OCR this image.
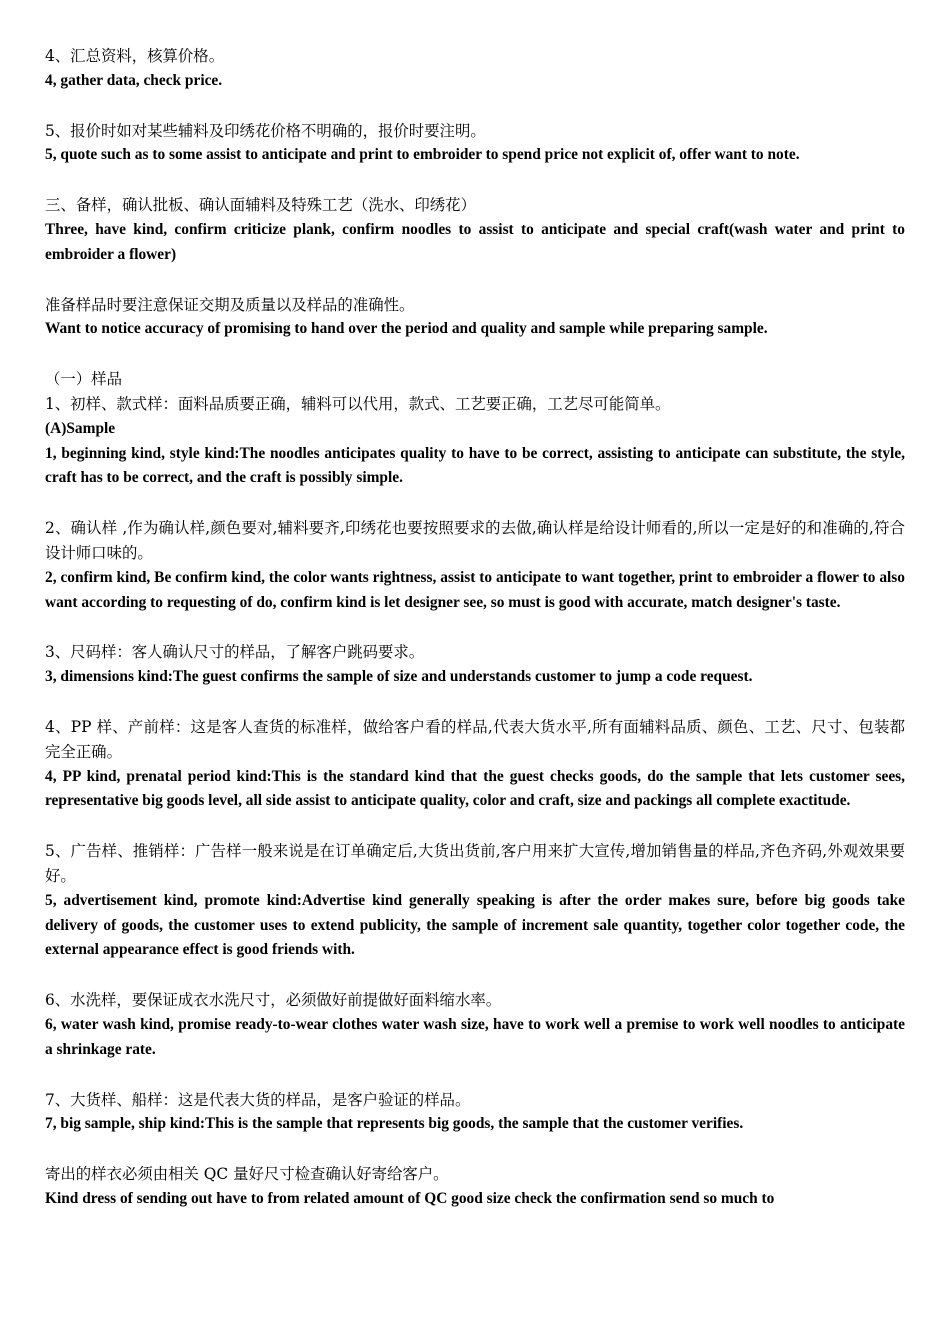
4、汇总资料，核算价格。
4, gather data, check price.
5、报价时如对某些辅料及印绣花价格不明确的，报价时要注明。
5, quote such as to some assist to anticipate and print to embroider to spend price not explicit of, offer want to note.
三、备样，确认批板、确认面辅料及特殊工艺（洗水、印绣花）
Three, have kind, confirm criticize plank, confirm noodles to assist to anticipate and special craft(wash water and print to embroider a flower)
准备样品时要注意保证交期及质量以及样品的准确性。
Want to notice accuracy of promising to hand over the period and quality and sample while preparing sample.
（一）样品
1、初样、款式样：面料品质要正确，辅料可以代用，款式、工艺要正确，工艺尽可能简单。
(A)Sample
1, beginning kind, style kind:The noodles anticipates quality to have to be correct, assisting to anticipate can substitute, the style, craft has to be correct, and the craft is possibly simple.
2、确认样 ,作为确认样,颜色要对,辅料要齐,印绣花也要按照要求的去做,确认样是给设计师看的,所以一定是好的和准确的,符合设计师口味的。
2, confirm kind, Be confirm kind, the color wants rightness, assist to anticipate to want together, print to embroider a flower to also want according to requesting of do, confirm kind is let designer see, so must is good with accurate, match designer's taste.
3、尺码样：客人确认尺寸的样品，了解客户跳码要求。
3, dimensions kind:The guest confirms the sample of size and understands customer to jump a code request.
4、PP 样、产前样：这是客人查货的标准样，做给客户看的样品,代表大货水平,所有面辅料品质、颜色、工艺、尺寸、包装都完全正确。
4, PP kind, prenatal period kind:This is the standard kind that the guest checks goods, do the sample that lets customer sees, representative big goods level, all side assist to anticipate quality, color and craft, size and packings all complete exactitude.
5、广告样、推销样：广告样一般来说是在订单确定后,大货出货前,客户用来扩大宣传,增加销售量的样品,齐色齐码,外观效果要好。
5, advertisement kind, promote kind:Advertise kind generally speaking is after the order makes sure, before big goods take delivery of goods, the customer uses to extend publicity, the sample of increment sale quantity, together color together code, the external appearance effect is good friends with.
6、水洗样，要保证成衣水洗尺寸，必须做好前提做好面料缩水率。
6, water wash kind, promise ready-to-wear clothes water wash size, have to work well a premise to work well noodles to anticipate a shrinkage rate.
7、大货样、船样：这是代表大货的样品，是客户验证的样品。
7, big sample, ship kind:This is the sample that represents big goods, the sample that the customer verifies.
寄出的样衣必须由相关 QC 量好尺寸检查确认好寄给客户。
Kind dress of sending out have to from related amount of QC good size check the confirmation send so much to
